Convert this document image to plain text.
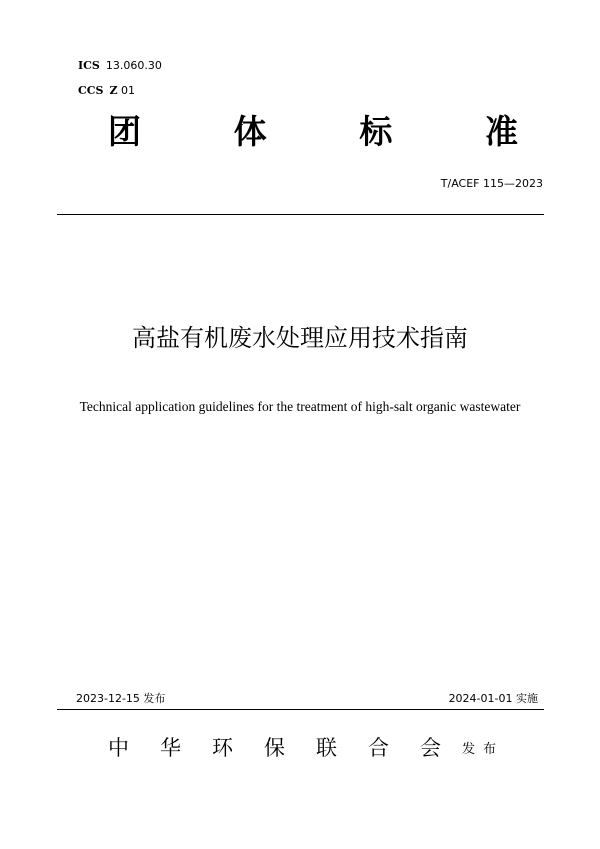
ICS 13.060.30
CCS Z 01
团	体	标	准
T/ACEF 115—2023
高盐有机废水处理应用技术指南
Technical application guidelines for the treatment of high-salt organic wastewater
2023-12-15 发布	2024-01-01 实施
中	华	环	保	联	合	会	发布
